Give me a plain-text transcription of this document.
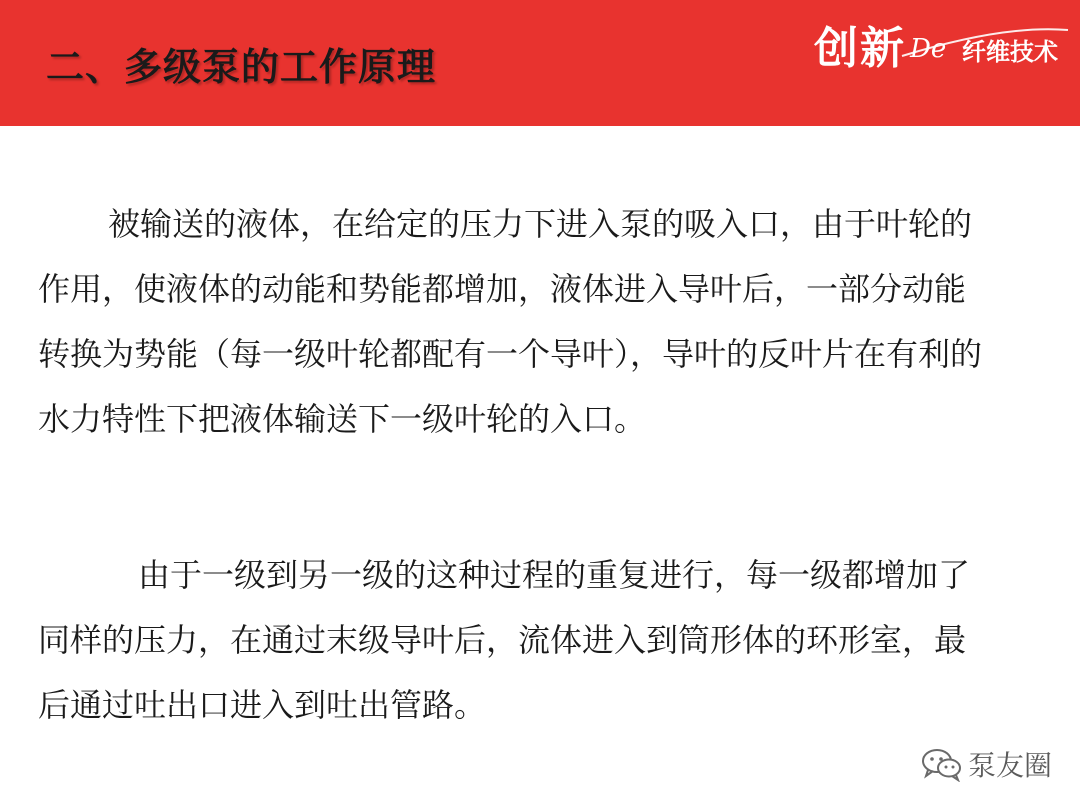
二、多级泵的工作原理	创新 De 纤维技术

被输送的液体，在给定的压力下进入泵的吸入口，由于叶轮的作用，使液体的动能和势能都增加，液体进入导叶后，一部分动能转换为势能（每一级叶轮都配有一个导叶），导叶的反叶片在有利的水力特性下把液体输送下一级叶轮的入口。

由于一级到另一级的这种过程的重复进行，每一级都增加了同样的压力，在通过末级导叶后，流体进入到筒形体的环形室，最后通过吐出口进入到吐出管路。

泵友圈
